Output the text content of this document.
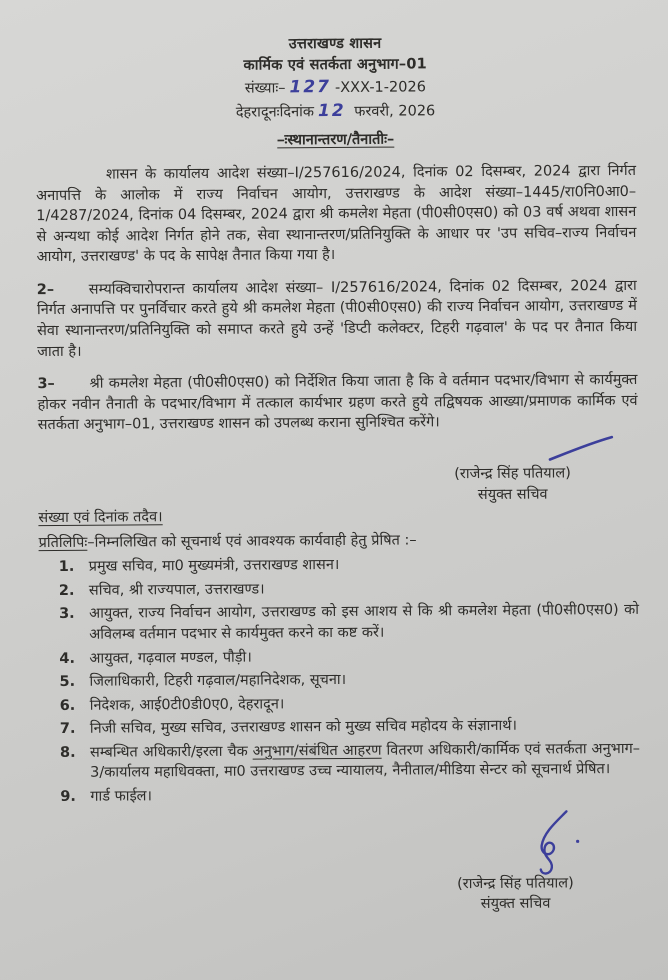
उत्तराखण्ड शासन
कार्मिक एवं सतर्कता अनुभाग–01
संख्याः– 127 -XXX-1-2026
देहरादूनःदिनांक 12 फरवरी, 2026
–ःस्थानान्तरण/तैनातीः–

शासन के कार्यालय आदेश संख्या–I/257616/2024, दिनांक 02 दिसम्बर, 2024 द्वारा निर्गत अनापत्ति के आलोक में राज्य निर्वाचन आयोग, उत्तराखण्ड के आदेश संख्या–1445/रा0नि0आ0–1/4287/2024, दिनांक 04 दिसम्बर, 2024 द्वारा श्री कमलेश मेहता (पी0सी0एस0) को 03 वर्ष अथवा शासन से अन्यथा कोई आदेश निर्गत होने तक, सेवा स्थानान्तरण/प्रतिनियुक्ति के आधार पर 'उप सचिव–राज्य निर्वाचन आयोग, उत्तराखण्ड' के पद के सापेक्ष तैनात किया गया है।

2– सम्यक्विचारोपरान्त कार्यालय आदेश संख्या– I/257616/2024, दिनांक 02 दिसम्बर, 2024 द्वारा निर्गत अनापत्ति पर पुनर्विचार करते हुये श्री कमलेश मेहता (पी0सी0एस0) की राज्य निर्वाचन आयोग, उत्तराखण्ड में सेवा स्थानान्तरण/प्रतिनियुक्ति को समाप्त करते हुये उन्हें 'डिप्टी कलेक्टर, टिहरी गढ़वाल' के पद पर तैनात किया जाता है।

3– श्री कमलेश मेहता (पी0सी0एस0) को निर्देशित किया जाता है कि वे वर्तमान पदभार/विभाग से कार्यमुक्त होकर नवीन तैनाती के पदभार/विभाग में तत्काल कार्यभार ग्रहण करते हुये तद्विषयक आख्या/प्रमाणक कार्मिक एवं सतर्कता अनुभाग–01, उत्तराखण्ड शासन को उपलब्ध कराना सुनिश्चित करेंगे।

(राजेन्द्र सिंह पतियाल)
संयुक्त सचिव
संख्या एवं दिनांक तदैव।
प्रतिलिपिः–निम्नलिखित को सूचनार्थ एवं आवश्यक कार्यवाही हेतु प्रेषित :–
1. प्रमुख सचिव, मा0 मुख्यमंत्री, उत्तराखण्ड शासन।
2. सचिव, श्री राज्यपाल, उत्तराखण्ड।
3. आयुक्त, राज्य निर्वाचन आयोग, उत्तराखण्ड को इस आशय से कि श्री कमलेश मेहता (पी0सी0एस0) को अविलम्ब वर्तमान पदभार से कार्यमुक्त करने का कष्ट करें।
4. आयुक्त, गढ़वाल मण्डल, पौड़ी।
5. जिलाधिकारी, टिहरी गढ़वाल/महानिदेशक, सूचना।
6. निदेशक, आई0टी0डी0ए0, देहरादून।
7. निजी सचिव, मुख्य सचिव, उत्तराखण्ड शासन को मुख्य सचिव महोदय के संज्ञानार्थ।
8. सम्बन्धित अधिकारी/इरला चैक अनुभाग/संबंधित आहरण वितरण अधिकारी/कार्मिक एवं सतर्कता अनुभाग–3/कार्यालय महाधिवक्ता, मा0 उत्तराखण्ड उच्च न्यायालय, नैनीताल/मीडिया सेन्टर को सूचनार्थ प्रेषित।
9. गार्ड फाईल।
(राजेन्द्र सिंह पतियाल)
संयुक्त सचिव
